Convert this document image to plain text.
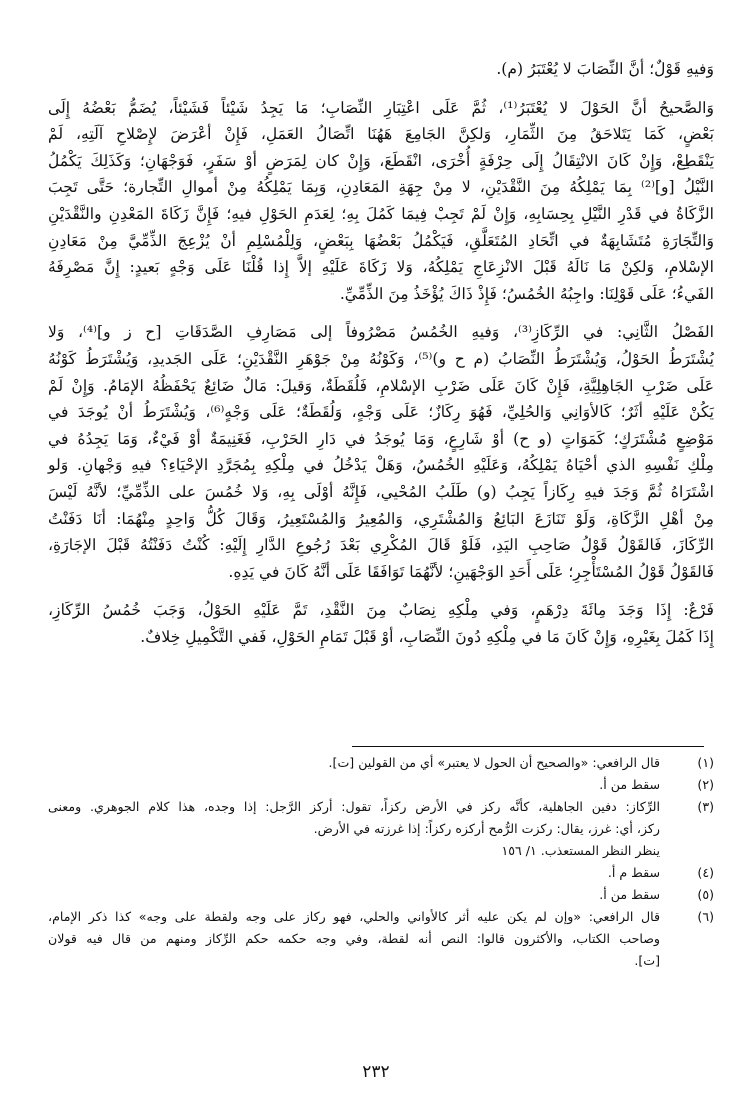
وَفيهِ قَوْلٌ؛ أنَّ النِّصَابَ لا يُعْتَبَرُ (م).
وَالصَّحيحُ أنَّ الحَوْلَ لا يُعْتَبَرُ⁽¹⁾، ثُمَّ عَلَى اعْتِبَارِ النِّصَابِ؛ مَا يَجِدُ شَيْئاً فَشَيْئاً، يُضَمُّ بَعْضُهُ إِلَى
بَعْضٍ، كَمَا يَتَلاحَقُ مِنَ الثِّمَارِ، وَلكِنَّ الجَامِعَ هَهُنَا اتِّصَالُ العَمَلِ، فَإِنْ أعْرَضَ لإِصْلاحِ آلَتِهِ، لَمْ
يَنْقَطِعْ، وَإِنْ كَانَ الانْتِقَالُ إِلَى حِرْفَةٍ أُخْرَى، انْقَطَعَ، وَإِنْ كان لِمَرَضٍ أوْ سَفَرٍ، فَوَجْهَانِ؛ وَكَذَلِكَ يَكْمُلُ
النَّيْلُ [و]⁽²⁾ بِمَا يَمْلِكُهُ مِنَ النَّقْدَيْنِ، لا مِنْ جِهَةِ المَعَادِنِ، وَبِمَا يَمْلِكُهُ مِنْ أموالِ التِّجارة؛ حَتَّى تَجِبَ
الزَّكَاةُ في قَدْرِ النَّيْلِ بِحِسَابِهِ، وَإِنْ لَمْ تَجِبْ فِيمَا كَمُلَ بِهِ؛ لِعَدَمِ الحَوْلِ فيهِ؛ فَإِنَّ زَكَاةَ المَعْدِنِ والنَّقْدَيْنِ
وَالتِّجَارَةِ مُتَشَابِهَةٌ في اتِّحَادِ المُتَعَلَّقِ، فَيَكْمُلُ بَعْضُهَا بِبَعْضٍ، وَلِلْمُسْلِمِ أنْ يُزْعِجَ الذِّمِّيَّ مِنْ مَعَادِنِ
الإسْلامِ، وَلكِنْ مَا نَالَهُ قَبْلَ الانْزِعَاجِ يَمْلِكُهُ، وَلا زَكَاةَ عَلَيْهِ إلاَّ إِذا قُلْنَا عَلَى وَجْهٍ بَعيدٍ: إِنَّ مَصْرِفَهُ
الفَيءُ؛ عَلَى قَوْلِنَا: واجِبُهُ الخُمُسُ؛ فَإِذْ ذَاكَ يُؤْخَذُ مِنَ الذِّمِّيِّ.
الفَصْلُ الثَّانِي: في الرِّكَازِ⁽³⁾، وَفيهِ الخُمُسُ مَصْرُوفاً إلى مَصَارِفِ الصَّدَقَاتِ [ح ز و]⁽⁴⁾، وَلا
يُشْتَرَطُ الحَوْلُ، وَيُشْتَرَطُ النِّصَابُ (م ح و)⁽⁵⁾، وَكَوْنُهُ مِنْ جَوْهَرِ النَّقْدَيْنِ؛ عَلَى الجَديدِ، وَيُشْتَرَطُ كَوْنُهُ
عَلَى ضَرْبِ الجَاهِلِيَّةِ، فَإِنْ كَانَ عَلَى ضَرْبِ الإسْلامِ، فَلُقَطَةٌ، وَقيلَ: مَالٌ ضَائِعٌ يَحْفَظُهُ الإمَامُ. وَإِنْ لَمْ
يَكُنْ عَلَيْهِ أثَرٌ؛ كَالأوَانِي وَالحُلِيِّ، فَهُوَ رِكَازٌ؛ عَلَى وَجْهٍ، وَلُقَطَةٌ؛ عَلَى وَجْهٍ⁽⁶⁾، وَيُشْتَرَطُ أنْ يُوجَدَ في
مَوْضِعٍ مُشْتَرَكٍ؛ كَمَوَاتٍ (و ح) أوْ شَارِعٍ، وَمَا يُوجَدُ في دَارِ الحَرْبِ، فَغَنِيمَةٌ أوْ فَيْءٌ، وَمَا يَجِدُهُ في
مِلْكِ نَفْسِهِ الذي أحْيَاهُ يَمْلِكُهُ، وَعَلَيْهِ الخُمُسُ، وَهَلْ يَدْخُلُ في مِلْكِهِ بِمُجَرَّدِ الإحْيَاءِ؟ فيهِ وَجْهانِ. وَلو
اشْتَرَاهُ ثُمَّ وَجَدَ فيهِ رِكَازاً يَجِبُ (و) طَلَبُ المُحْيي، فَإِنَّهُ أوْلَى بِهِ، وَلا خُمُسَ على الذِّمِّيِّ؛ لأنَّهُ لَيْسَ
مِنْ أهْلِ الزَّكَاةِ، وَلَوْ تَنَازَعَ البَائِعُ وَالمُشْتَرِي، وَالمُعِيرُ وَالمُسْتَعِيرُ، وَقَالَ كُلُّ وَاحِدٍ مِنْهُمَا: أنَا دَفَنْتُ
الرِّكَازَ، فَالقَوْلُ قَوْلُ صَاحِبِ اليَدِ، فَلَوْ قَالَ المُكْرِي بَعْدَ رُجُوعِ الدَّارِ إِلَيْهِ: كُنْتُ دَفَنْتُهُ قَبْلَ الإجَارَةِ،
فَالقَوْلُ قَوْلُ المُسْتَأْجِرِ؛ عَلَى أَحَدِ الوَجْهَينِ؛ لأنَّهُمَا تَوَافَقَا عَلَى أنَّهُ كَانَ في يَدِهِ.
فَرْعٌ: إِذَا وَجَدَ مِائَةَ دِرْهَمٍ، وَفي مِلْكِهِ نِصَابٌ مِنَ النَّقْدِ، تَمَّ عَلَيْهِ الحَوْلُ، وَجَبَ خُمُسُ الرِّكَازِ،
إِذَا كَمُلَ بِغَيْرِهِ، وَإِنْ كَانَ مَا في مِلْكِهِ دُونَ النِّصَابِ، أوْ قَبْلَ تَمَامِ الحَوْلِ، فَفي التَّكْمِيلِ خِلافٌ.
(١)
قال الرافعي: «والصحيح أن الحول لا يعتبر» أي من القولين [ت].
(٢)
سقط من أ.
(٣)
الرِّكاز: دفين الجاهلية، كأنَّه ركز في الأرض ركزاً، تقول: أركز الرَّجل: إذا وجده، هذا كلام الجوهري. ومعنى
ركز، أي: غرز، يقال: ركزت الرُّمح أركزه ركزاً: إذا غرزته في الأرض.
ينظر النظر المستعذب. ١/ ١٥٦
(٤)
سقط م أ.
(٥)
سقط من أ.
(٦)
قال الرافعي: «وإن لم يكن عليه أثر كالأواني والحلي، فهو ركاز على وجه ولقطة على وجه» كذا ذكر الإمام،
وصاحب الكتاب، والأكثرون قالوا: النص أنه لقطة، وفي وجه حكمه حكم الرِّكاز ومنهم من قال فيه قولان
[ت].
٢٣٢
